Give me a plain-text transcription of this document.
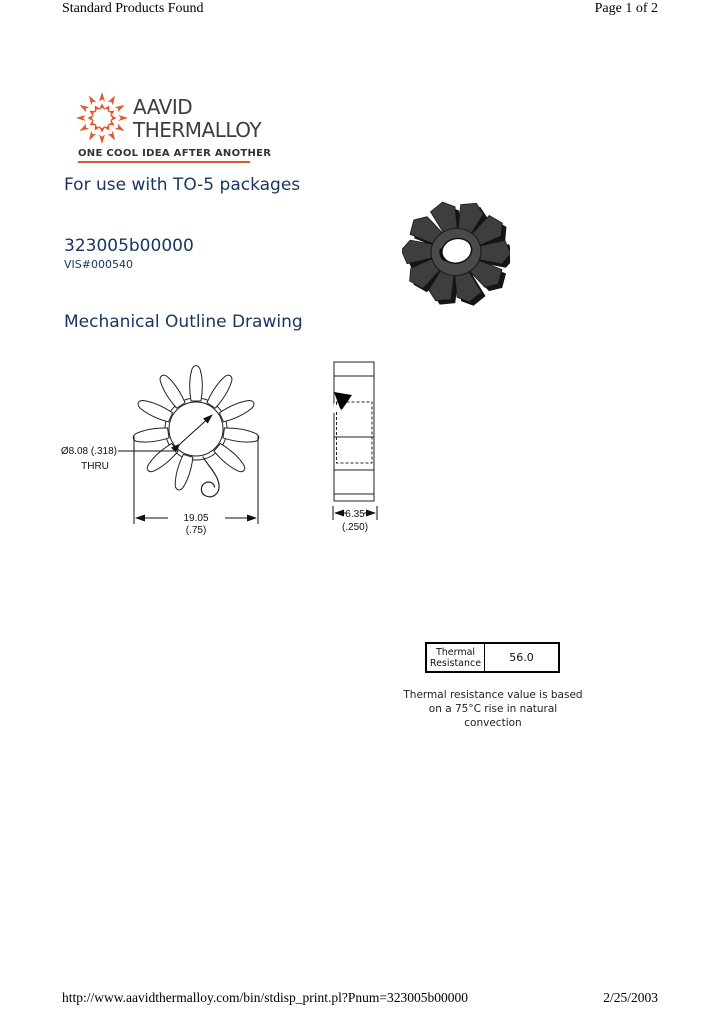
Standard Products Found	Page 1 of 2
AAVID
THERMALLOY
ONE COOL IDEA AFTER ANOTHER
For use with TO-5 packages
323005b00000
VIS#000540
Mechanical Outline Drawing
Ø8.08 (.318)
THRU
19.05
(.75)
6.35
(.250)
Thermal Resistance	56.0
Thermal resistance value is based
on a 75°C rise in natural
convection
http://www.aavidthermalloy.com/bin/stdisp_print.pl?Pnum=323005b00000	2/25/2003
